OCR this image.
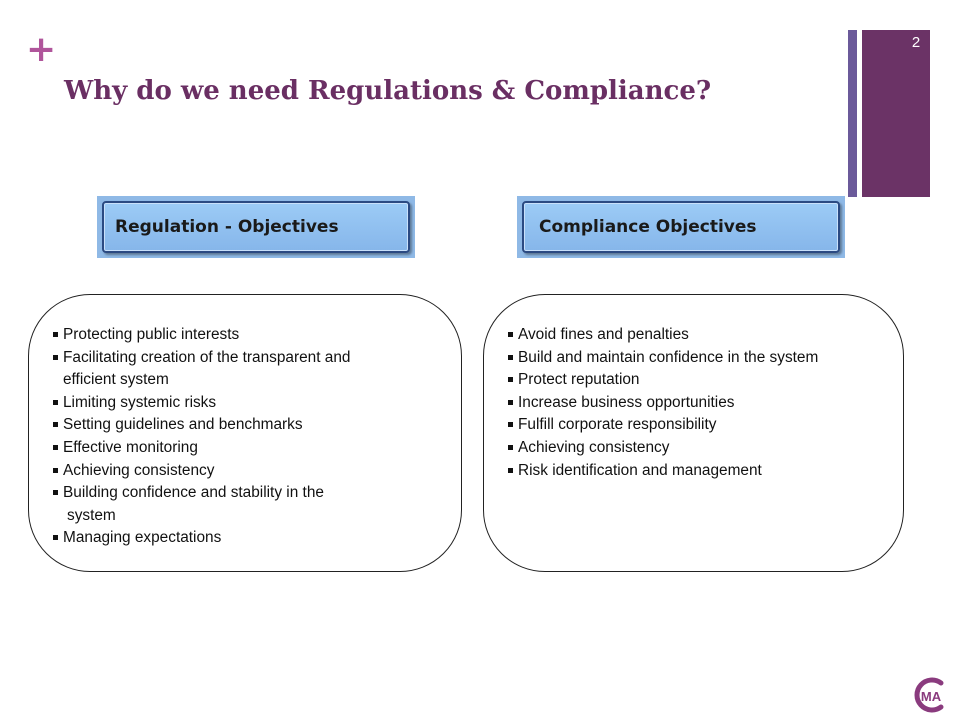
+
Why do we need Regulations & Compliance?
2
Regulation - Objectives	Compliance Objectives
Protecting public interests
Facilitating creation of the transparent and
efficient system
Limiting systemic risks
Setting guidelines and benchmarks
Effective monitoring
Achieving consistency
Building confidence and stability in the
system
Managing expectations
Avoid fines and penalties
Build and maintain confidence in the system
Protect reputation
Increase business opportunities
Fulfill corporate responsibility
Achieving consistency
Risk identification and management
MA
